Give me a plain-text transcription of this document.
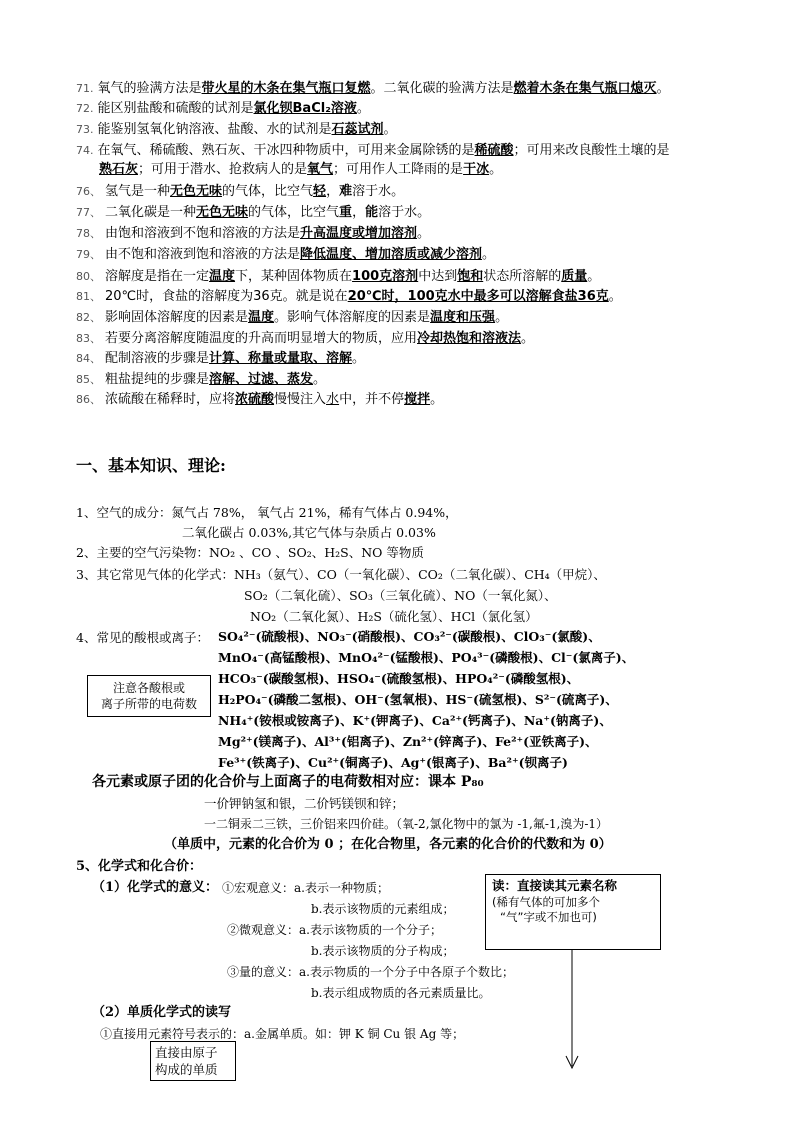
71. 氧气的验满方法是带火星的木条在集气瓶口复燃。二氧化碳的验满方法是燃着木条在集气瓶口熄灭。
72. 能区别盐酸和硫酸的试剂是氯化钡BaCl₂溶液。
73. 能鉴别氢氧化钠溶液、盐酸、水的试剂是石蕊试剂。
74. 在氧气、稀硫酸、熟石灰、干冰四种物质中，可用来金属除锈的是稀硫酸；可用来改良酸性土壤的是
熟石灰；可用于潜水、抢救病人的是氧气；可用作人工降雨的是干冰。
76、 氢气是一种无色无味的气体，比空气轻，难溶于水。
77、 二氧化碳是一种无色无味的气体，比空气重，能溶于水。
78、 由饱和溶液到不饱和溶液的方法是升高温度或增加溶剂。
79、 由不饱和溶液到饱和溶液的方法是降低温度、增加溶质或减少溶剂。
80、 溶解度是指在一定温度下，某种固体物质在100克溶剂中达到饱和状态所溶解的质量。
81、 20℃时，食盐的溶解度为36克。就是说在20℃时，100克水中最多可以溶解食盐36克。
82、 影响固体溶解度的因素是温度。影响气体溶解度的因素是温度和压强。
83、 若要分离溶解度随温度的升高而明显增大的物质，应用冷却热饱和溶液法。
84、 配制溶液的步骤是计算、称量或量取、溶解。
85、 粗盐提纯的步骤是溶解、过滤、蒸发。
86、 浓硫酸在稀释时，应将浓硫酸慢慢注入水中，并不停搅拌。
一、基本知识、理论:
1、空气的成分：氮气占 78%， 氧气占 21%，稀有气体占 0.94%，
二氧化碳占 0.03%,其它气体与杂质占 0.03%
2、主要的空气污染物：NO₂ 、CO 、SO₂、H₂S、NO 等物质
3、其它常见气体的化学式：NH₃（氨气）、CO（一氧化碳）、CO₂（二氧化碳）、CH₄（甲烷）、
SO₂（二氧化硫）、SO₃（三氧化硫）、NO（一氧化氮）、
NO₂（二氧化氮）、H₂S（硫化氢）、HCl（氯化氢）
4、常见的酸根或离子： SO₄²⁻(硫酸根)、NO₃⁻(硝酸根)、CO₃²⁻(碳酸根)、ClO₃⁻(氯酸)、
MnO₄⁻(高锰酸根)、MnO₄²⁻(锰酸根)、PO₄³⁻(磷酸根)、Cl⁻(氯离子)、
HCO₃⁻(碳酸氢根)、HSO₄⁻(硫酸氢根)、HPO₄²⁻(磷酸氢根)、
H₂PO₄⁻(磷酸二氢根)、OH⁻(氢氧根)、HS⁻(硫氢根)、S²⁻(硫离子)、
NH₄⁺(铵根或铵离子)、K⁺(钾离子)、Ca²⁺(钙离子)、Na⁺(钠离子)、
Mg²⁺(镁离子)、Al³⁺(铝离子)、Zn²⁺(锌离子)、Fe²⁺(亚铁离子)、
Fe³⁺(铁离子)、Cu²⁺(铜离子)、Ag⁺(银离子)、Ba²⁺(钡离子)
注意各酸根或
离子所带的电荷数
各元素或原子团的化合价与上面离子的电荷数相对应：课本 P₈₀
一价钾钠氢和银，二价钙镁钡和锌；
一二铜汞二三铁，三价铝来四价硅。（氧-2,氯化物中的氯为 -1,氟-1,溴为-1）
（单质中，元素的化合价为 0 ；在化合物里，各元素的化合价的代数和为 0）
5、化学式和化合价：
（1）化学式的意义： ①宏观意义：a.表示一种物质；
b.表示该物质的元素组成；
②微观意义：a.表示该物质的一个分子；
b.表示该物质的分子构成；
③量的意义：a.表示物质的一个分子中各原子个数比；
b.表示组成物质的各元素质量比。
（2）单质化学式的读写
①直接用元素符号表示的：a.金属单质。如：钾 K 铜 Cu 银 Ag 等；
读：直接读其元素名称
(稀有气体的可加多个
“气”字或不加也可)
直接由原子
构成的单质
